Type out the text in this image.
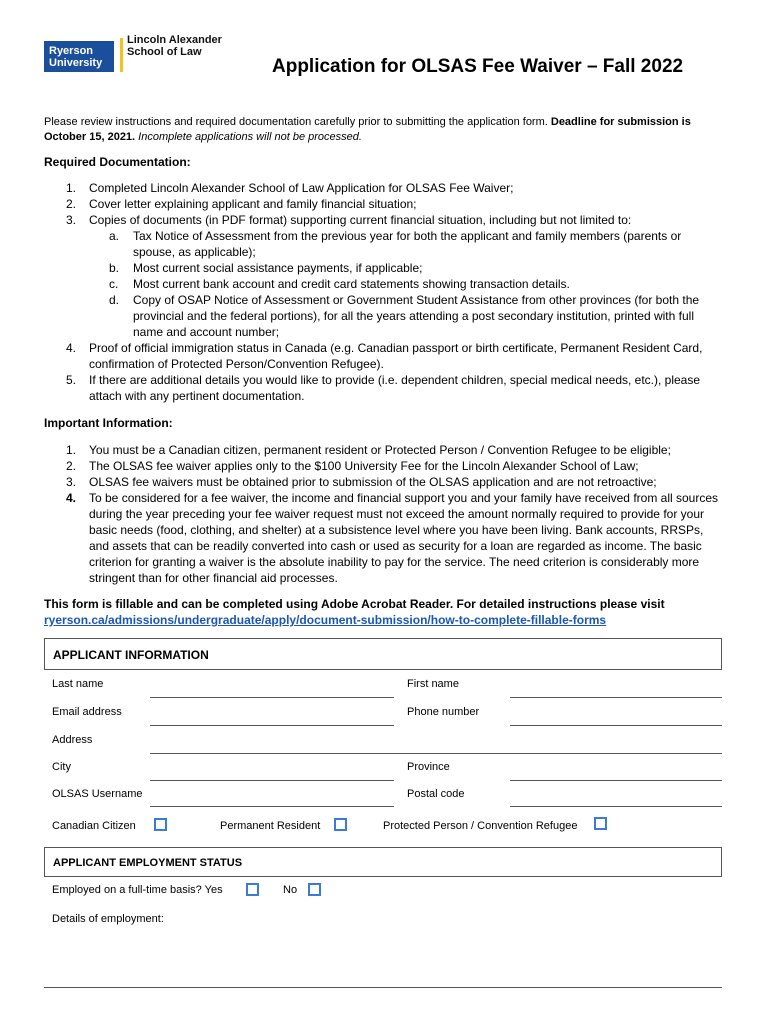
Ryerson
University
Lincoln Alexander
School of Law
Application for OLSAS Fee Waiver – Fall 2022
Please review instructions and required documentation carefully prior to submitting the application form. Deadline for submission is October 15, 2021. Incomplete applications will not be processed.
Required Documentation:
1. Completed Lincoln Alexander School of Law Application for OLSAS Fee Waiver;
2. Cover letter explaining applicant and family financial situation;
3. Copies of documents (in PDF format) supporting current financial situation, including but not limited to:
a. Tax Notice of Assessment from the previous year for both the applicant and family members (parents or spouse, as applicable);
b. Most current social assistance payments, if applicable;
c. Most current bank account and credit card statements showing transaction details.
d. Copy of OSAP Notice of Assessment or Government Student Assistance from other provinces (for both the provincial and the federal portions), for all the years attending a post secondary institution, printed with full name and account number;
4. Proof of official immigration status in Canada (e.g. Canadian passport or birth certificate, Permanent Resident Card, confirmation of Protected Person/Convention Refugee).
5. If there are additional details you would like to provide (i.e. dependent children, special medical needs, etc.), please attach with any pertinent documentation.
Important Information:
1. You must be a Canadian citizen, permanent resident or Protected Person / Convention Refugee to be eligible;
2. The OLSAS fee waiver applies only to the $100 University Fee for the Lincoln Alexander School of Law;
3. OLSAS fee waivers must be obtained prior to submission of the OLSAS application and are not retroactive;
4. To be considered for a fee waiver, the income and financial support you and your family have received from all sources during the year preceding your fee waiver request must not exceed the amount normally required to provide for your basic needs (food, clothing, and shelter) at a subsistence level where you have been living. Bank accounts, RRSPs, and assets that can be readily converted into cash or used as security for a loan are regarded as income. The basic criterion for granting a waiver is the absolute inability to pay for the service. The need criterion is considerably more stringent than for other financial aid processes.
This form is fillable and can be completed using Adobe Acrobat Reader. For detailed instructions please visit
ryerson.ca/admissions/undergraduate/apply/document-submission/how-to-complete-fillable-forms
APPLICANT INFORMATION
Last name	First name
Email address	Phone number
Address
City	Province
OLSAS Username	Postal code
Canadian Citizen	Permanent Resident	Protected Person / Convention Refugee
APPLICANT EMPLOYMENT STATUS
Employed on a full-time basis? Yes	No
Details of employment:
